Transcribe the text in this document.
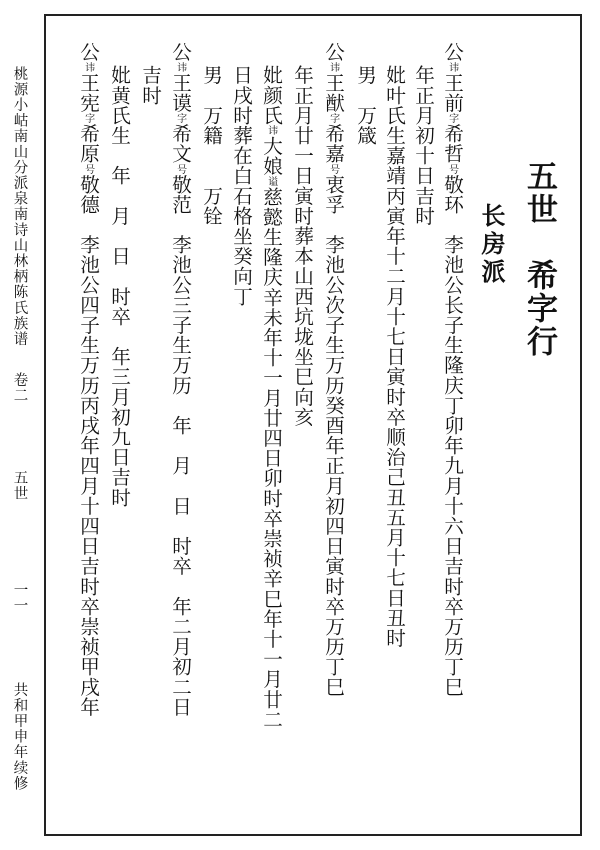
桃源小岵南山分派泉南诗山林柄陈氏族谱
卷二
五世
一一
共和甲申年续修
五世　希字行
长房派
公讳王前字希哲号敬环　李池公长子生隆庆丁卯年九月十六日吉时卒万历丁巳
年正月初十日吉时
妣叶氏生嘉靖丙寅年十二月十七日寅时卒顺治己丑五月十七日丑时
男　万箴
公讳王猷字希嘉号衷孚　李池公次子生万历癸酉年正月初四日寅时卒万历丁巳
年正月廿一日寅时葬本山西坑垅坐巳向亥
妣颜氏讳大娘谥慈懿生隆庆辛未年十一月廿四日卯时卒崇祯辛巳年十一月廿二
日戌时葬在白石格坐癸向丁
男　万籍　　万铨
公讳王谟字希文号敬范　李池公三子生万历　年　月　日　时卒　年二月初二日
吉时
妣黄氏生　年　月　日　时卒　年三月初九日吉时
公讳王宪字希原号敬德　李池公四子生万历丙戌年四月十四日吉时卒崇祯甲戌年
